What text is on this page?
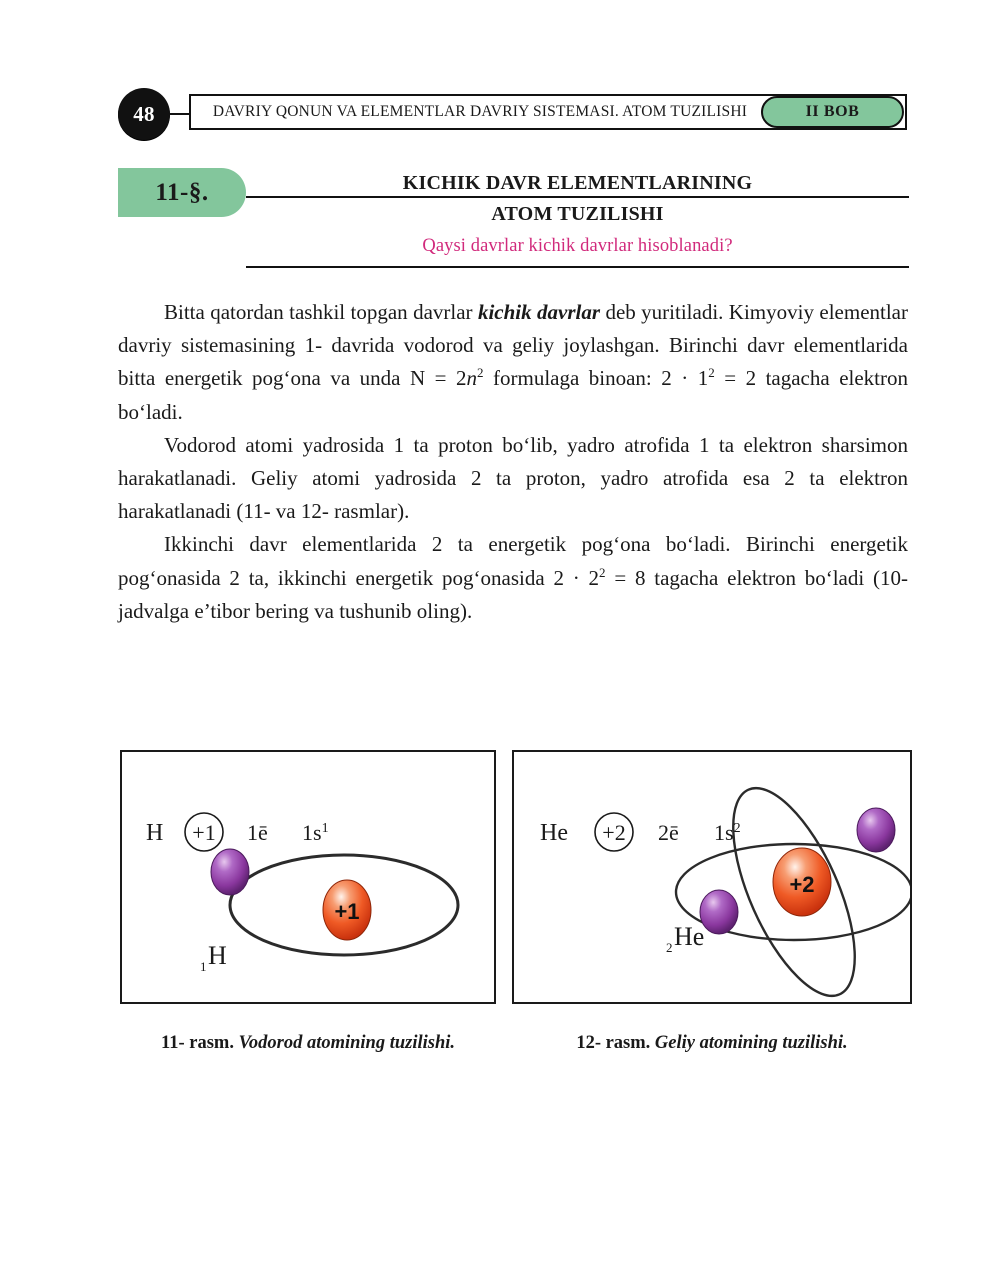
48	DAVRIY QONUN VA ELEMENTLAR DAVRIY SISTEMASI. ATOM TUZILISHI	II BOB
11-§.	KICHIK DAVR ELEMENTLARINING
ATOM TUZILISHI
Qaysi davrlar kichik davrlar hisoblanadi?

Bitta qatordan tashkil topgan davrlar kichik davrlar deb yuritiladi. Kimyoviy elementlar davriy sistemasining 1- davrida vodorod va geliy joylashgan. Birinchi davr elementlarida bitta energetik pog‘ona va unda $N = 2n^2$ formulaga binoan: $2 \cdot 1^2 = 2$ tagacha elektron bo‘ladi.

Vodorod atomi yadrosida 1 ta proton bo‘lib, yadro atrofida 1 ta elektron sharsimon harakatlanadi. Geliy atomi yadrosida 2 ta proton, yadro atrofida esa 2 ta elektron harakatlanadi (11- va 12- rasmlar).

Ikkinchi davr elementlarida 2 ta energetik pog‘ona bo‘ladi. Birinchi energetik pog‘onasida 2 ta, ikkinchi energetik pog‘onasida $2 \cdot 2^2 = 8$ tagacha elektron bo‘ladi (10- jadvalga e’tibor bering va tushunib oling).

H +1 1ē $1s^1$
+1
1 H
11- rasm. Vodorod atomining tuzilishi.
He +2 2ē $1s^2$
+2
2 He
12- rasm. Geliy atomining tuzilishi.
